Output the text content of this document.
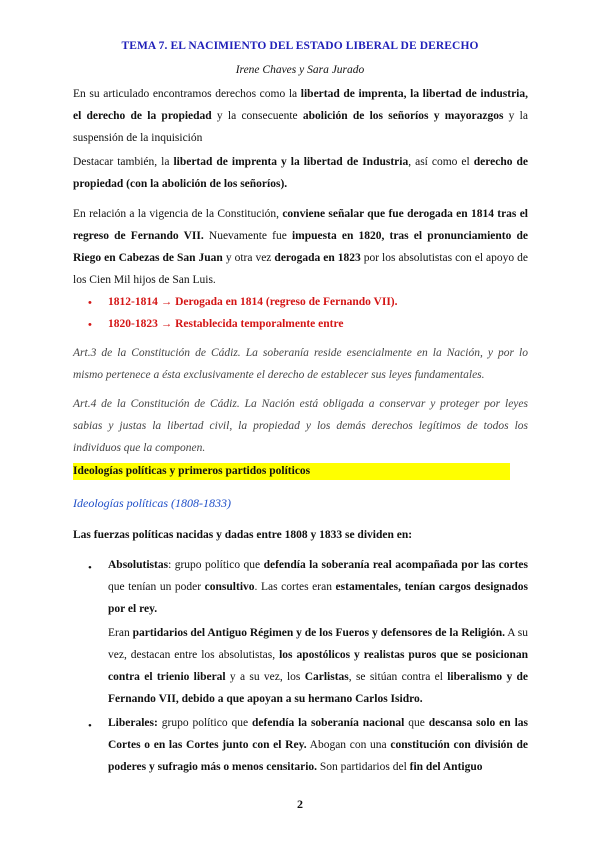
TEMA 7. EL NACIMIENTO DEL ESTADO LIBERAL DE DERECHO
Irene Chaves y Sara Jurado

En su articulado encontramos derechos como la libertad de imprenta, la libertad de industria, el derecho de la propiedad y la consecuente abolición de los señoríos y mayorazgos y la suspensión de la inquisición

Destacar también, la libertad de imprenta y la libertad de Industria, así como el derecho de propiedad (con la abolición de los señoríos).

En relación a la vigencia de la Constitución, conviene señalar que fue derogada en 1814 tras el regreso de Fernando VII. Nuevamente fue impuesta en 1820, tras el pronunciamiento de Riego en Cabezas de San Juan y otra vez derogada en 1823 por los absolutistas con el apoyo de los Cien Mil hijos de San Luis.

• 1812-1814 → Derogada en 1814 (regreso de Fernando VII).
• 1820-1823 → Restablecida temporalmente entre

Art.3 de la Constitución de Cádiz. La soberanía reside esencialmente en la Nación, y por lo mismo pertenece a ésta exclusivamente el derecho de establecer sus leyes fundamentales.

Art.4 de la Constitución de Cádiz. La Nación está obligada a conservar y proteger por leyes sabias y justas la libertad civil, la propiedad y los demás derechos legítimos de todos los individuos que la componen.

Ideologías políticas y primeros partidos políticos
Ideologías políticas (1808-1833)

Las fuerzas políticas nacidas y dadas entre 1808 y 1833 se dividen en:

• Absolutistas: grupo político que defendía la soberanía real acompañada por las cortes que tenían un poder consultivo. Las cortes eran estamentales, tenían cargos designados por el rey.

Eran partidarios del Antiguo Régimen y de los Fueros y defensores de la Religión. A su vez, destacan entre los absolutistas, los apostólicos y realistas puros que se posicionan contra el trienio liberal y a su vez, los Carlistas, se sitúan contra el liberalismo y de Fernando VII, debido a que apoyan a su hermano Carlos Isidro.

• Liberales: grupo político que defendía la soberanía nacional que descansa solo en las Cortes o en las Cortes junto con el Rey. Abogan con una constitución con división de poderes y sufragio más o menos censitario. Son partidarios del fin del Antiguo

2
